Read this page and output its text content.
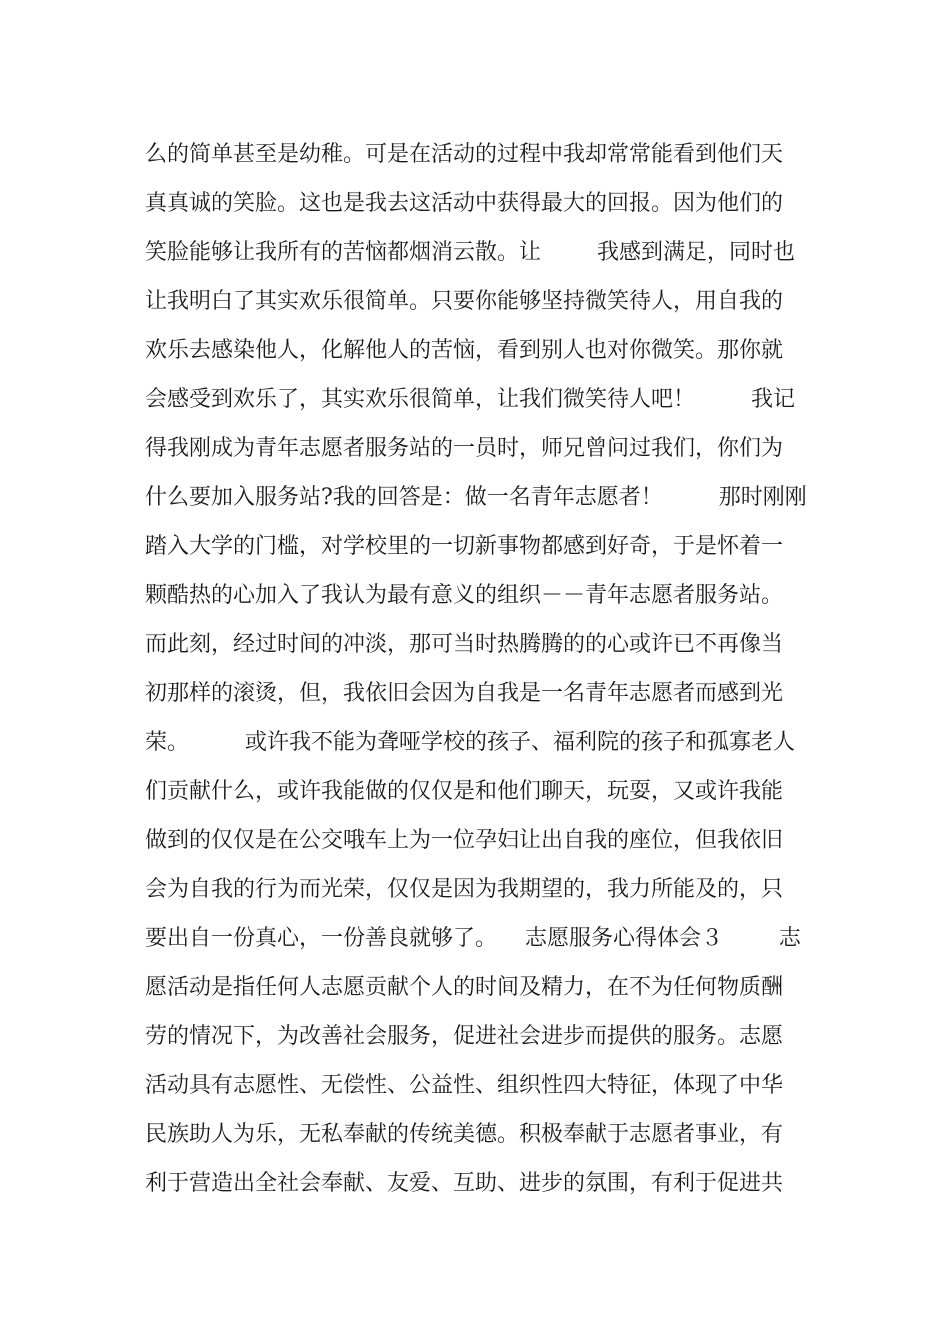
么的简单甚至是幼稚。可是在活动的过程中我却常常能看到他们天
真真诚的笑脸。这也是我去这活动中获得最大的回报。因为他们的
笑脸能够让我所有的苦恼都烟消云散。让        我感到满足，同时也
让我明白了其实欢乐很简单。只要你能够坚持微笑待人，用自我的
欢乐去感染他人，化解他人的苦恼，看到别人也对你微笑。那你就
会感受到欢乐了，其实欢乐很简单，让我们微笑待人吧！        我记
得我刚成为青年志愿者服务站的一员时，师兄曾问过我们，你们为
什么要加入服务站?我的回答是：做一名青年志愿者！        那时刚刚
踏入大学的门槛，对学校里的一切新事物都感到好奇，于是怀着一
颗酷热的心加入了我认为最有意义的组织－－青年志愿者服务站。
而此刻，经过时间的冲淡，那可当时热腾腾的的心或许已不再像当
初那样的滚烫，但，我依旧会因为自我是一名青年志愿者而感到光
荣。        或许我不能为聋哑学校的孩子、福利院的孩子和孤寡老人
们贡献什么，或许我能做的仅仅是和他们聊天，玩耍，又或许我能
做到的仅仅是在公交哦车上为一位孕妇让出自我的座位，但我依旧
会为自我的行为而光荣，仅仅是因为我期望的，我力所能及的，只
要出自一份真心，一份善良就够了。    志愿服务心得体会３        志
愿活动是指任何人志愿贡献个人的时间及精力，在不为任何物质酬
劳的情况下，为改善社会服务，促进社会进步而提供的服务。志愿
活动具有志愿性、无偿性、公益性、组织性四大特征，体现了中华
民族助人为乐，无私奉献的传统美德。积极奉献于志愿者事业，有
利于营造出全社会奉献、友爱、互助、进步的氛围，有利于促进共
